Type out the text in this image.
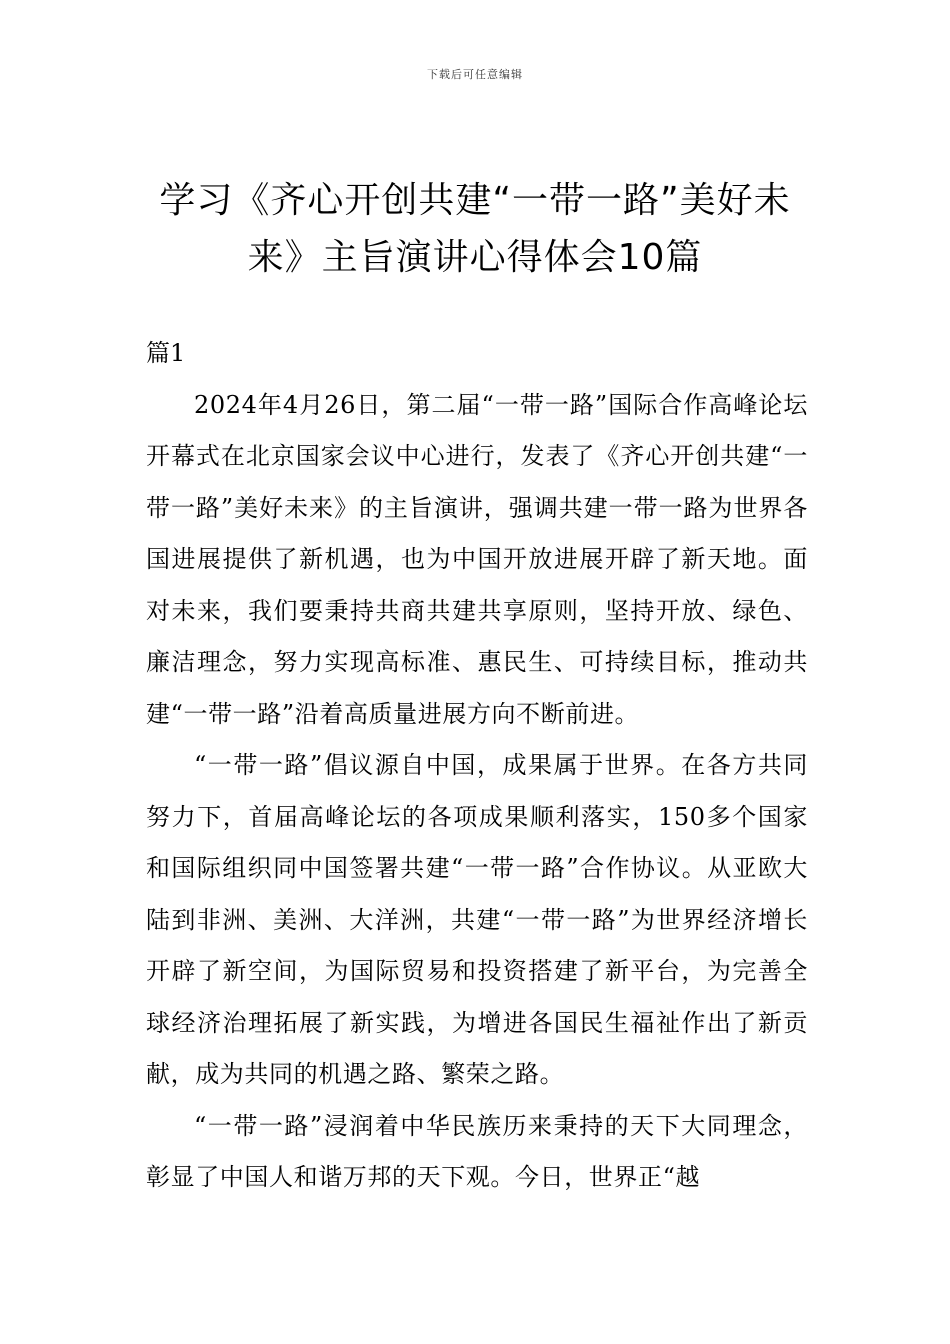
下载后可任意编辑
学习《齐心开创共建“一带一路”美好未来》主旨演讲心得体会10篇
篇1

2024年4月26日，第二届“一带一路”国际合作高峰论坛开幕式在北京国家会议中心进行，发表了《齐心开创共建“一带一路”美好未来》的主旨演讲，强调共建一带一路为世界各国进展提供了新机遇，也为中国开放进展开辟了新天地。面对未来，我们要秉持共商共建共享原则，坚持开放、绿色、廉洁理念，努力实现高标准、惠民生、可持续目标，推动共建“一带一路”沿着高质量进展方向不断前进。

“一带一路”倡议源自中国，成果属于世界。在各方共同努力下，首届高峰论坛的各项成果顺利落实，150多个国家和国际组织同中国签署共建“一带一路”合作协议。从亚欧大陆到非洲、美洲、大洋洲，共建“一带一路”为世界经济增长开辟了新空间，为国际贸易和投资搭建了新平台，为完善全球经济治理拓展了新实践，为增进各国民生福祉作出了新贡献，成为共同的机遇之路、繁荣之路。

“一带一路”浸润着中华民族历来秉持的天下大同理念，彰显了中国人和谐万邦的天下观。今日，世界正“越
